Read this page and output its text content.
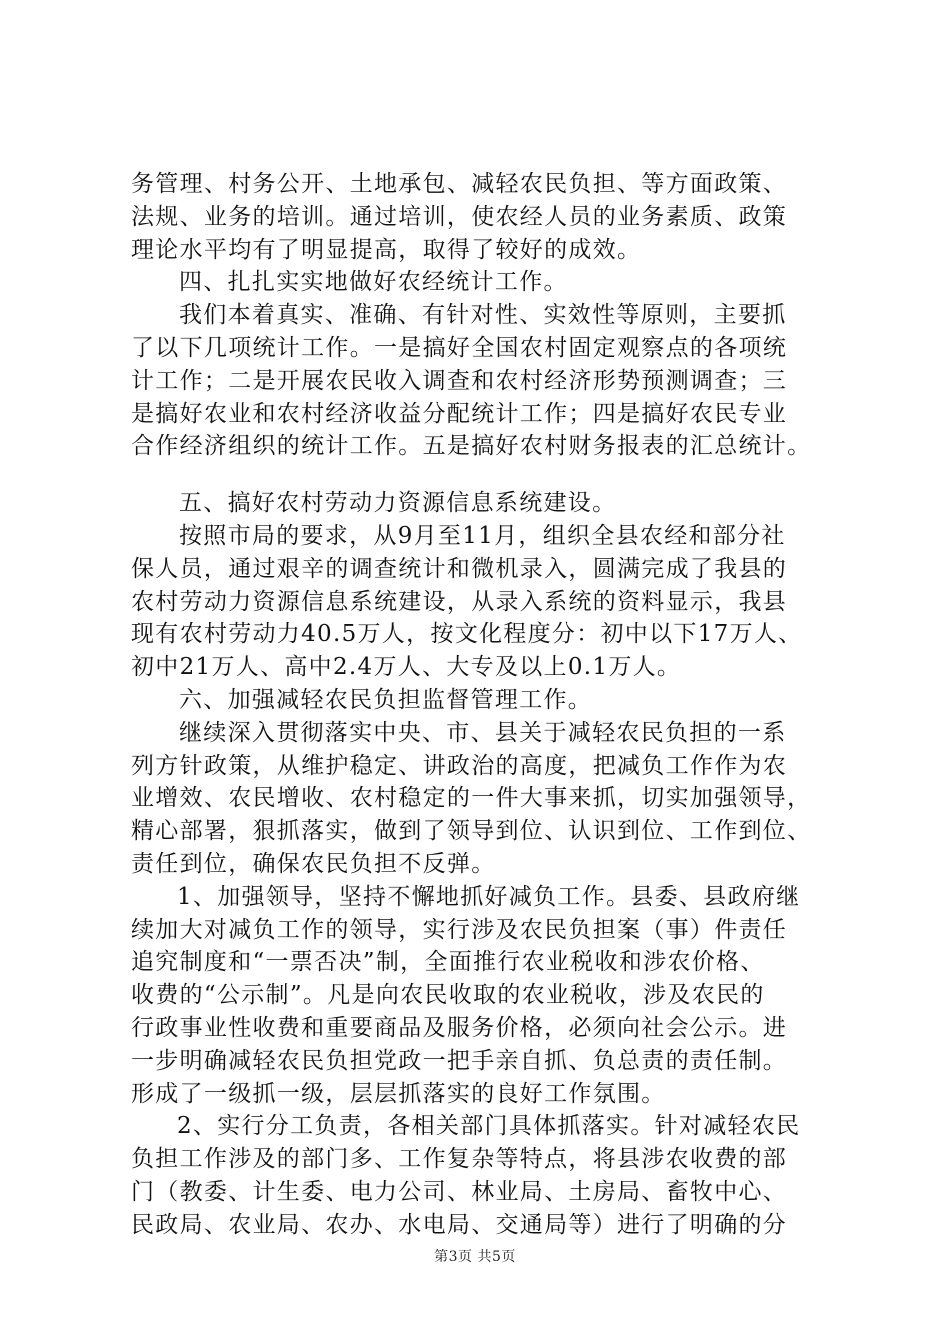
务管理、村务公开、土地承包、减轻农民负担、等方面政策、
法规、业务的培训。通过培训，使农经人员的业务素质、政策
理论水平均有了明显提高，取得了较好的成效。
四、扎扎实实地做好农经统计工作。
我们本着真实、准确、有针对性、实效性等原则，主要抓
了以下几项统计工作。一是搞好全国农村固定观察点的各项统
计工作；二是开展农民收入调查和农村经济形势预测调查；三
是搞好农业和农村经济收益分配统计工作；四是搞好农民专业
合作经济组织的统计工作。五是搞好农村财务报表的汇总统计。
五、搞好农村劳动力资源信息系统建设。
按照市局的要求，从9月至11月，组织全县农经和部分社
保人员，通过艰辛的调查统计和微机录入，圆满完成了我县的
农村劳动力资源信息系统建设，从录入系统的资料显示，我县
现有农村劳动力40.5万人，按文化程度分：初中以下17万人、
初中21万人、高中2.4万人、大专及以上0.1万人。
六、加强减轻农民负担监督管理工作。
继续深入贯彻落实中央、市、县关于减轻农民负担的一系
列方针政策，从维护稳定、讲政治的高度，把减负工作作为农
业增效、农民增收、农村稳定的一件大事来抓，切实加强领导，
精心部署，狠抓落实，做到了领导到位、认识到位、工作到位、
责任到位，确保农民负担不反弹。
1、加强领导，坚持不懈地抓好减负工作。县委、县政府继
续加大对减负工作的领导，实行涉及农民负担案（事）件责任
追究制度和“一票否决”制，全面推行农业税收和涉农价格、
收费的“公示制”。凡是向农民收取的农业税收，涉及农民的
行政事业性收费和重要商品及服务价格，必须向社会公示。进
一步明确减轻农民负担党政一把手亲自抓、负总责的责任制。
形成了一级抓一级，层层抓落实的良好工作氛围。
2、实行分工负责，各相关部门具体抓落实。针对减轻农民
负担工作涉及的部门多、工作复杂等特点，将县涉农收费的部
门（教委、计生委、电力公司、林业局、土房局、畜牧中心、
民政局、农业局、农办、水电局、交通局等）进行了明确的分
第3页 共5页
